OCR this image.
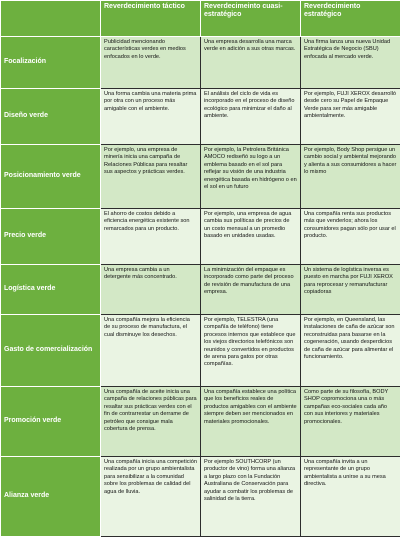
	Reverdecimiento táctico	Reverdecimeinto cuasi-estratégico	Reverdecimiento estratégico
Focalización	Publicidad mencionando características verdes en medios enfocados en lo verde.	Una empresa desarrolla una marca verde en adición a sus otras marcas.	Una firma lanza una nueva Unidad Estratégica de Negocio (SBU) enfocada al mercado verde.
Diseño verde	Una forma cambia una materia prima por otra con un proceso más amigable con el ambiente.	El análisis del ciclo de vida es incorporado en el proceso de diseño ecológico para minimizar el daño al ambiente.	Por ejemplo, FUJI XEROX desarrolló desde cero su Papel de Empaque Verde para ser más amigable ambientalmente.
Posicionamiento verde	Por ejemplo, una empresa de minería inicia una campaña de Relaciones Públicas para resaltar sus aspectos y prácticas verdes.	Por ejemplo, la Petrolera Británica AMOCO rediseñó su logo a un emblema basado en el sol para reflejar su visión de una industria energética basada en hidrógeno o en el sol en un futuro	Por ejemplo, Body Shop persigue un cambio social y ambiental mejorando y alienta a sus consumidores a hacer lo mismo
Precio verde	El ahorro de costos debido a eficiencia energética existente son remarcados para un producto.	Por ejemplo, una empresa de agua cambia sus políticas de precios de un costo mensual a un promedio basado en unidades usadas.	Una compañía renta sus productos más que venderlos; ahora los consumidores pagan sólo por usar el producto.
Logística verde	Una empresa cambia a un detergente más concentrado.	La minimización del empaque es incorporado como parte del proceso de revisión de manufactura de una empresa.	Un sistema de logística inversa es puesto en marcha por FUJI XEROX para reprocesar y remanufacturar copiadoras
Gasto de comercialización	Una compañía mejora la eficiencia de su proceso de manufactura, el cual disminuye los desechos.	Por ejemplo, TELESTRA (una compañía de teléfono) tiene procesos internos que establece que los viejos directorios telefónicos son reunidos y convertidos en productos de arena para gatos por otras compañías.	Por ejemplo, en Queensland, las instalaciones de caña de azúcar son reconstruidas para basarse en la cogeneración, usando desperdicios de caña de azúcar para alimentar el funcionamiento.
Promoción verde	Una compañía de aceite inicia una campaña de relaciones públicas para resaltar sus prácticas verdes con el fin de contrarrestar un derrame de petróleo que consigue mala cobertura de prensa.	Una compañía establece una política que los beneficios reales de productos amigables con el ambiente siempre deben ser mencionados en materiales promocionales.	Como parte de su filosofía, BODY SHOP copromociona una o más campañas eco-sociales cada año con sus interiores y materiales promocionales.
Alianza verde	Una compañía inicia una competición realizada por un grupo ambientalista para sensibilizar a la comunidad sobre los problemas de calidad del agua de lluvia.	Por ejemplo SOUTHCORP (un productor de vino) forma una alianza a largo plazo con la Fundación Australiana de Conservación para ayudar a combatir los problemas de salinidad de la tierra.	Una compañía invita a un representante de un grupo ambientalista a unirse a su mesa directiva.
